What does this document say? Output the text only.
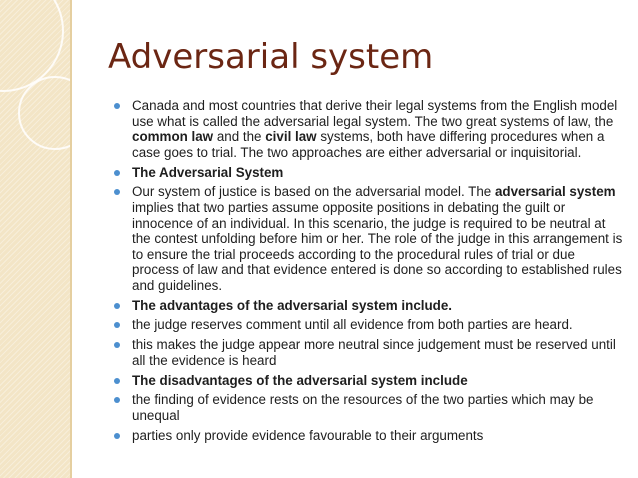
Adversarial system
Canada and most countries that derive their legal systems from the English model use what is called the adversarial legal system. The two great systems of law, the common law and the civil law systems, both have differing procedures when a case goes to trial. The two approaches are either adversarial or inquisitorial.
The Adversarial System
Our system of justice is based on the adversarial model. The adversarial system implies that two parties assume opposite positions in debating the guilt or innocence of an individual. In this scenario, the judge is required to be neutral at the contest unfolding before him or her. The role of the judge in this arrangement is to ensure the trial proceeds according to the procedural rules of trial or due process of law and that evidence entered is done so according to established rules and guidelines.
The advantages of the adversarial system include.
the judge reserves comment until all evidence from both parties are heard.
this makes the judge appear more neutral since judgement must be reserved until all the evidence is heard
The disadvantages of the adversarial system include
the finding of evidence rests on the resources of the two parties which may be unequal
parties only provide evidence favourable to their arguments
